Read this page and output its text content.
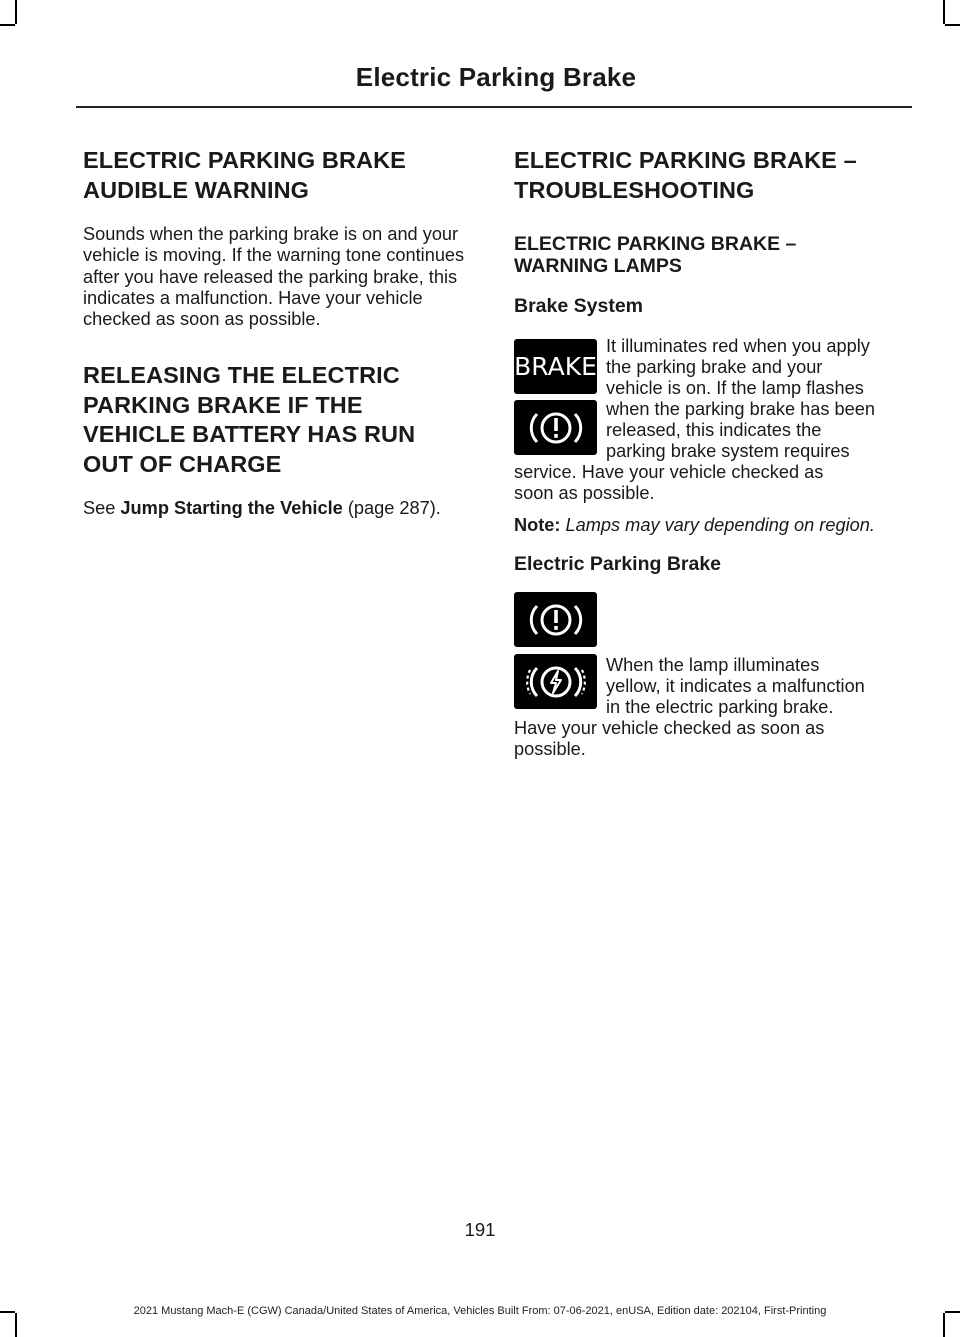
Electric Parking Brake
ELECTRIC PARKING BRAKE
AUDIBLE WARNING

Sounds when the parking brake is on and your vehicle is moving. If the warning tone continues after you have released the parking brake, this indicates a malfunction. Have your vehicle checked as soon as possible.

RELEASING THE ELECTRIC
PARKING BRAKE IF THE
VEHICLE BATTERY HAS RUN
OUT OF CHARGE

See Jump Starting the Vehicle (page 287).

ELECTRIC PARKING BRAKE –
TROUBLESHOOTING
ELECTRIC PARKING BRAKE –
WARNING LAMPS
Brake System
BRAKE

It illuminates red when you apply

the parking brake and your

vehicle is on. If the lamp flashes

when the parking brake has been

released, this indicates the

parking brake system requires

service. Have your vehicle checked as

soon as possible.

Note: Lamps may vary depending on region.

Electric Parking Brake

When the lamp illuminates

yellow, it indicates a malfunction

in the electric parking brake.

Have your vehicle checked as soon as

possible.

191
2021 Mustang Mach-E (CGW) Canada/United States of America, Vehicles Built From: 07-06-2021, enUSA, Edition date: 202104, First-Printing
